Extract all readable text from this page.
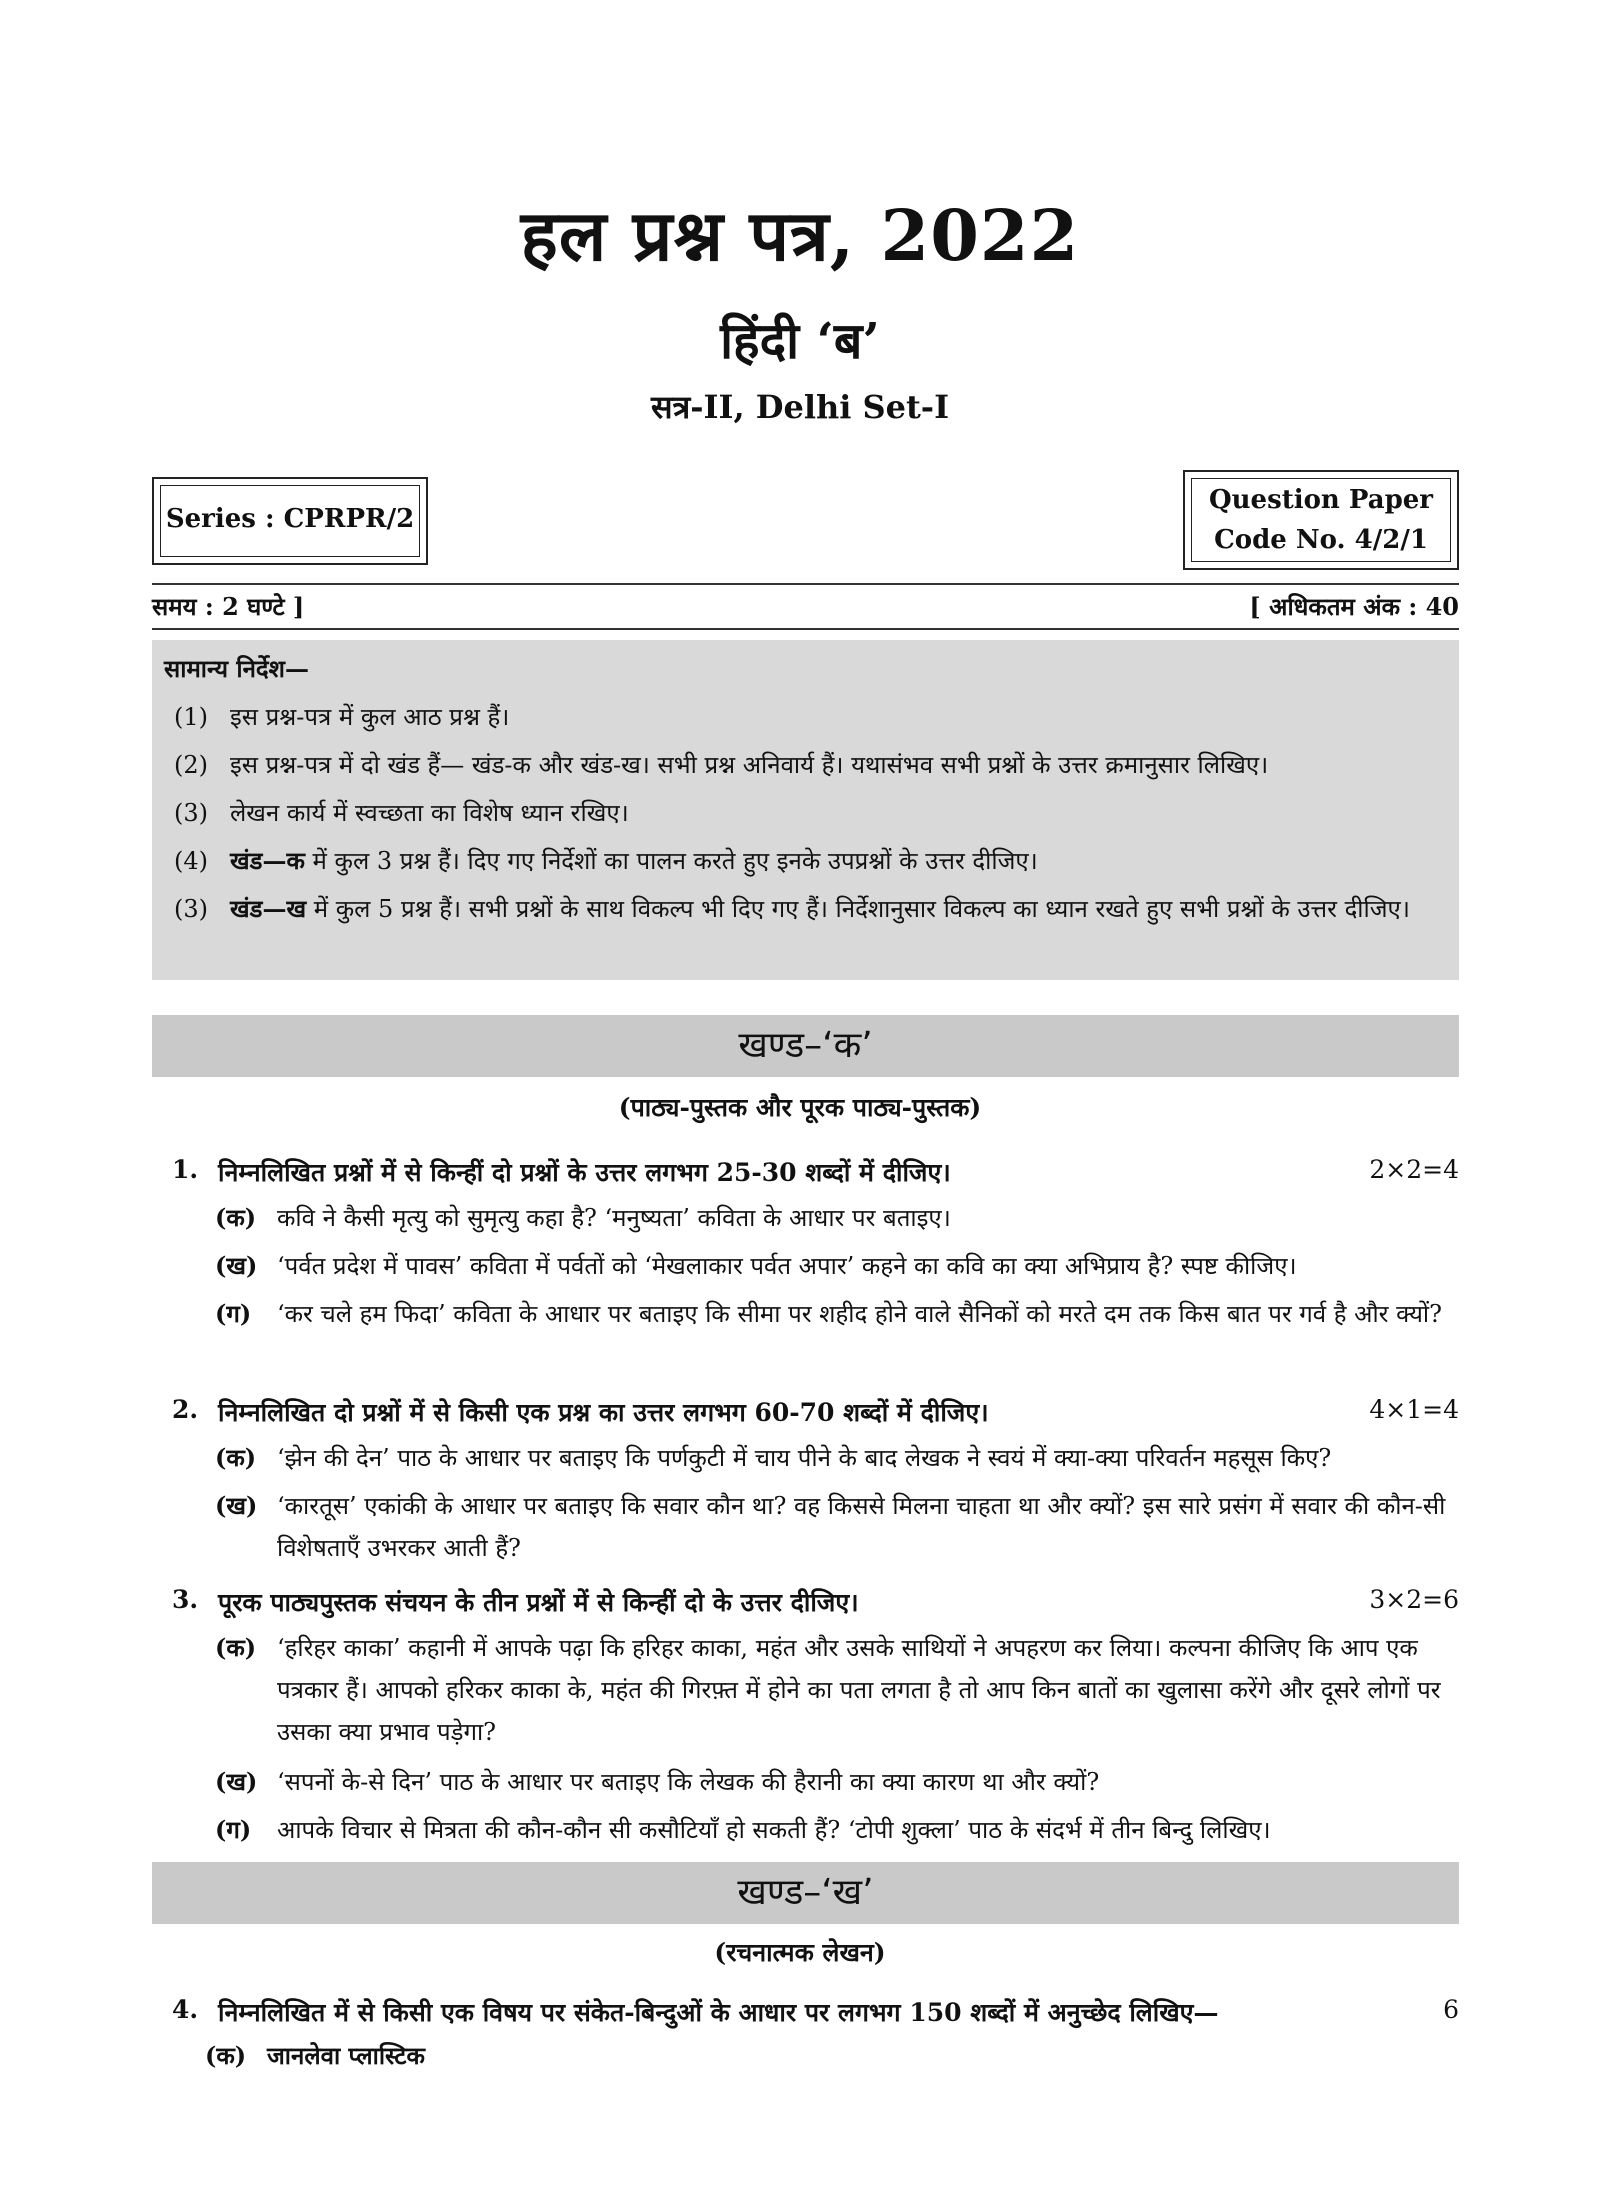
हल प्रश्न पत्र, 2022
हिंदी ‘ब’
सत्र-II, Delhi Set-I
Series : CPRPR/2
Question Paper
Code No. 4/2/1
समय : 2 घण्टे ]	[ अधिकतम अंक : 40
सामान्य निर्देश—
(1) इस प्रश्न-पत्र में कुल आठ प्रश्न हैं।
(2) इस प्रश्न-पत्र में दो खंड हैं— खंड-क और खंड-ख। सभी प्रश्न अनिवार्य हैं। यथासंभव सभी प्रश्नों के उत्तर क्रमानुसार लिखिए।
(3) लेखन कार्य में स्वच्छता का विशेष ध्यान रखिए।
(4) खंड—क में कुल 3 प्रश्न हैं। दिए गए निर्देशों का पालन करते हुए इनके उपप्रश्नों के उत्तर दीजिए।
(3) खंड—ख में कुल 5 प्रश्न हैं। सभी प्रश्नों के साथ विकल्प भी दिए गए हैं। निर्देशानुसार विकल्प का ध्यान रखते हुए सभी प्रश्नों के उत्तर दीजिए।
खण्ड–‘क’
(पाठ्य-पुस्तक और पूरक पाठ्य-पुस्तक)
1. निम्नलिखित प्रश्नों में से किन्हीं दो प्रश्नों के उत्तर लगभग 25-30 शब्दों में दीजिए।	2×2=4
(क) कवि ने कैसी मृत्यु को सुमृत्यु कहा है? ‘मनुष्यता’ कविता के आधार पर बताइए।
(ख) ‘पर्वत प्रदेश में पावस’ कविता में पर्वतों को ‘मेखलाकार पर्वत अपार’ कहने का कवि का क्या अभिप्राय है? स्पष्ट कीजिए।
(ग) ‘कर चले हम फिदा’ कविता के आधार पर बताइए कि सीमा पर शहीद होने वाले सैनिकों को मरते दम तक किस बात पर गर्व है और क्यों?
2. निम्नलिखित दो प्रश्नों में से किसी एक प्रश्न का उत्तर लगभग 60-70 शब्दों में दीजिए।	4×1=4
(क) ‘झेन की देन’ पाठ के आधार पर बताइए कि पर्णकुटी में चाय पीने के बाद लेखक ने स्वयं में क्या-क्या परिवर्तन महसूस किए?
(ख) ‘कारतूस’ एकांकी के आधार पर बताइए कि सवार कौन था? वह किससे मिलना चाहता था और क्यों? इस सारे प्रसंग में सवार की कौन-सी विशेषताएँ उभरकर आती हैं?
3. पूरक पाठ्यपुस्तक संचयन के तीन प्रश्नों में से किन्हीं दो के उत्तर दीजिए।	3×2=6
(क) ‘हरिहर काका’ कहानी में आपके पढ़ा कि हरिहर काका, महंत और उसके साथियों ने अपहरण कर लिया। कल्पना कीजिए कि आप एक पत्रकार हैं। आपको हरिकर काका के, महंत की गिरफ़्त में होने का पता लगता है तो आप किन बातों का खुलासा करेंगे और दूसरे लोगों पर उसका क्या प्रभाव पड़ेगा?
(ख) ‘सपनों के-से दिन’ पाठ के आधार पर बताइए कि लेखक की हैरानी का क्या कारण था और क्यों?
(ग) आपके विचार से मित्रता की कौन-कौन सी कसौटियाँ हो सकती हैं? ‘टोपी शुक्ला’ पाठ के संदर्भ में तीन बिन्दु लिखिए।
खण्ड–‘ख’
(रचनात्मक लेखन)
4. निम्नलिखित में से किसी एक विषय पर संकेत-बिन्दुओं के आधार पर लगभग 150 शब्दों में अनुच्छेद लिखिए—	6
(क) जानलेवा प्लास्टिक
